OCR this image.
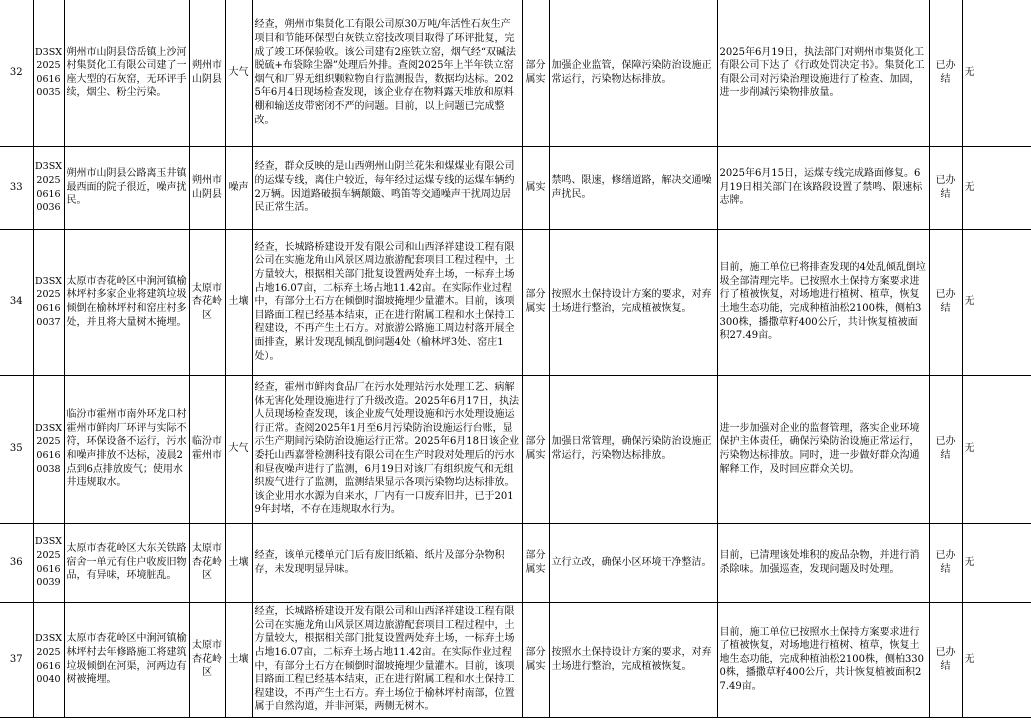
32	D3SX202506160035	朔州市山阴县岱岳镇上沙河村集贤化工有限公司建了一座大型的石灰窑，无环评手续，烟尘、粉尘污染。	朔州市山阴县	大气	经查，朔州市集贤化工有限公司原30万吨/年活性石灰生产项目和节能环保型白灰铁立窑技改项目取得了环评批复，完成了竣工环保验收。该公司建有2座铁立窑，烟气经“双碱法脱硫+布袋除尘器”处理后外排。查阅2025年上半年铁立窑烟气和厂界无组织颗粒物自行监测报告，数据均达标。2025年6月4日现场检查发现，该企业存在物料露天堆放和原料棚和输送皮带密闭不严的问题。目前，以上问题已完成整改。	部分属实	加强企业监管，保障污染防治设施正常运行，污染物达标排放。	2025年6月19日，执法部门对朔州市集贤化工有限公司下达了《行政处罚决定书》。集贤化工有限公司对污染治理设施进行了检查、加固，进一步削减污染物排放量。	已办结	无
33	D3SX202506160036	朔州市山阴县公路离玉井镇最西面的院子很近，噪声扰民。	朔州市山阴县	噪声	经查，群众反映的是山西朔州山阴兰花朱和煤煤业有限公司的运煤专线，离住户较近，每年经过运煤专线的运煤车辆约2万辆。因道路破损车辆颠簸、鸣笛等交通噪声干扰周边居民正常生活。	属实	禁鸣、限速，修缮道路，解决交通噪声扰民。	2025年6月15日，运煤专线完成路面修复。6月19日相关部门在该路段设置了禁鸣、限速标志牌。	已办结	无
34	D3SX202506160037	太原市杏花岭区中涧河镇榆林坪村多家企业将建筑垃圾倾倒在榆林坪村和窑庄村多处，并且将大量树木掩埋。	太原市杏花岭区	土壤	经查，长城路桥建设开发有限公司和山西泽祥建设工程有限公司在实施龙角山风景区周边旅游配套项目工程过程中，土方量较大，根据相关部门批复设置两处弃土场，一标弃土场占地16.07亩，二标弃土场占地11.42亩。在实际作业过程中，有部分土石方在倾倒时溜坡掩埋少量灌木。目前，该项目路面工程已经基本结束，正在进行附属工程和水土保持工程建设，不再产生土石方。对旅游公路施工周边村落开展全面排查，累计发现乱倾乱倒问题4处（榆林坪3处、窑庄1处）。	部分属实	按照水土保持设计方案的要求，对弃土场进行整治，完成植被恢复。	目前，施工单位已将排查发现的4处乱倾乱倒垃圾全部清理完毕。已按照水土保持方案要求进行了植被恢复，对场地进行植树、植草，恢复土地生态功能，完成种植油松2100株，侧柏3300株，播撒草籽400公斤，共计恢复植被面积27.49亩。	已办结	无
35	D3SX202506160038	临汾市霍州市南外环龙口村霍州市鲜肉厂环评与实际不符，环保设备不运行，污水和噪声排放不达标，凌晨2点到6点排放废气；使用水井违规取水。	临汾市霍州市	大气	经查，霍州市鲜肉食品厂在污水处理站污水处理工艺、病解体无害化处理设施进行了升级改造。2025年6月17日，执法人员现场检查发现，该企业废气处理设施和污水处理设施运行正常。查阅2025年1月至6月污染防治设施运行台账，显示生产期间污染防治设施运行正常。2025年6月18日该企业委托山西嘉誉检测科技有限公司在生产时段对处理后的污水和昼夜噪声进行了监测，6月19日对该厂有组织废气和无组织废气进行了监测，监测结果显示各项污染物均达标排放。该企业用水水源为自来水，厂内有一口废弃旧井，已于2019年封堵，不存在违规取水行为。	部分属实	加强日常管理，确保污染防治设施正常运行，污染物达标排放。	进一步加强对企业的监督管理，落实企业环境保护主体责任，确保污染防治设施正常运行，污染物达标排放。同时，进一步做好群众沟通解释工作，及时回应群众关切。	已办结	无
36	D3SX202506160039	太原市杏花岭区大东关铁路宿舍一单元有住户收废旧物品，有异味，环境脏乱。	太原市杏花岭区	土壤	经查，该单元楼单元门后有废旧纸箱、纸片及部分杂物积存，未发现明显异味。	部分属实	立行立改，确保小区环境干净整洁。	目前，已清理该处堆积的废品杂物，并进行消杀除味。加强巡查，发现问题及时处理。	已办结	无
37	D3SX202506160040	太原市杏花岭区中涧河镇榆林坪村去年修路施工将建筑垃圾倾倒在河渠，河两边有树被掩埋。	太原市杏花岭区	土壤	经查，长城路桥建设开发有限公司和山西泽祥建设工程有限公司在实施龙角山风景区周边旅游配套项目工程过程中，土方量较大，根据相关部门批复设置两处弃土场，一标弃土场占地16.07亩，二标弃土场占地11.42亩。在实际作业过程中，有部分土石方在倾倒时溜坡掩埋少量灌木。目前，该项目路面工程已经基本结束，正在进行附属工程和水土保持工程建设，不再产生土石方。弃土场位于榆林坪村南部，位置属于自然沟道，并非河渠，两侧无树木。	部分属实	按照水土保持设计方案的要求，对弃土场进行整治，完成植被恢复。	目前，施工单位已按照水土保持方案要求进行了植被恢复，对场地进行植树、植草，恢复土地生态功能，完成种植油松2100株，侧柏3300株，播撒草籽400公斤，共计恢复植被面积27.49亩。	已办结	无
